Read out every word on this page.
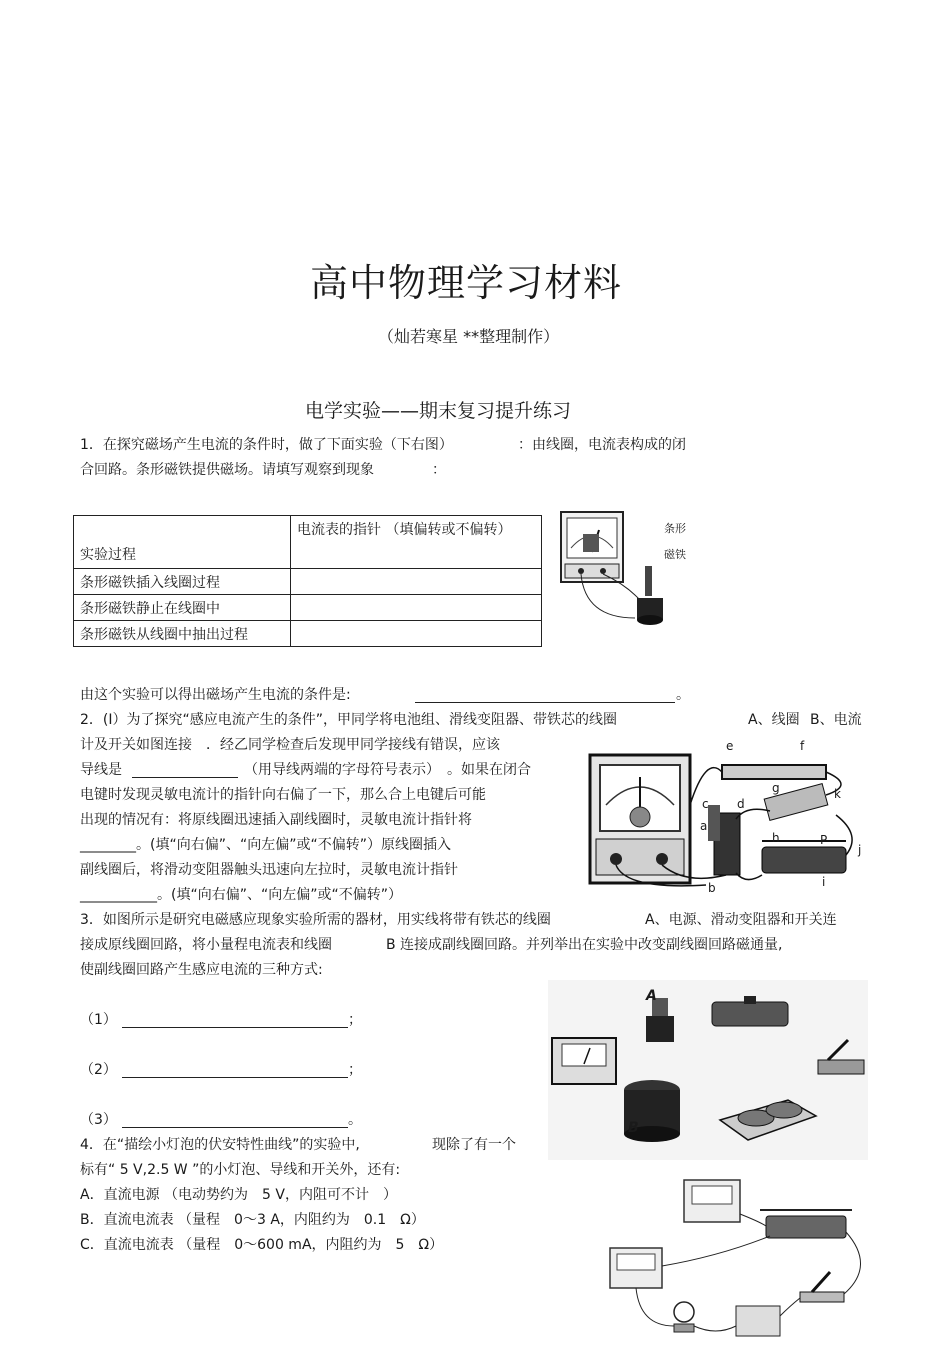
高中物理学习材料
（灿若寒星 **整理制作）
电学实验——期末复习提升练习
1．在探究磁场产生电流的条件时，做了下面实验（下右图）	：由线圈，电流表构成的闭
合回路。条形磁铁提供磁场。请填写观察到现象	：
实验过程	电流表的指针 （填偏转或不偏转）
条形磁铁插入线圈过程	
条形磁铁静止在线圈中	
条形磁铁从线圈中抽出过程	
条形
磁铁
由这个实验可以得出磁场产生电流的条件是:	。
2．(Ⅰ）为了探究“感应电流产生的条件”，甲同学将电池组、滑线变阻器、带铁芯的线圈	A、线圈 B、电流
计及开关如图连接　．经乙同学检查后发现甲同学接线有错误，应该
导线是	（用导线两端的字母符号表示）　。如果在闭合
电键时发现灵敏电流计的指针向右偏了一下，那么合上电键后可能
出现的情况有：将原线圈迅速插入副线圈时，灵敏电流计指针将
________。(填“向右偏”、“向左偏”或“不偏转”）原线圈插入
副线圈后，将滑动变阻器触头迅速向左拉时，灵敏电流计指针
___________。(填“向右偏”、“向左偏”或“不偏转”）
e	f
g	k
c d
a
h	P
j
b	i
3．如图所示是研究电磁感应现象实验所需的器材，用实线将带有铁芯的线圈	A、电源、滑动变阻器和开关连
接成原线圈回路，将小量程电流表和线圈	B 连接成副线圈回路。并列举出在实验中改变副线圈回路磁通量,
使副线圈回路产生感应电流的三种方式:
（1）	；
（2）	；
（3）	。
A
B
4．在“描绘小灯泡的伏安特性曲线”的实验中,	现除了有一个
标有“ 5 V,2.5 W ”的小灯泡、导线和开关外，还有:
A．直流电源 （电动势约为　5 V，内阻可不计　）
B．直流电流表 （量程　0～3 A，内阻约为　0.1　Ω）
C．直流电流表 （量程　0～600 mA，内阻约为　5　Ω）
